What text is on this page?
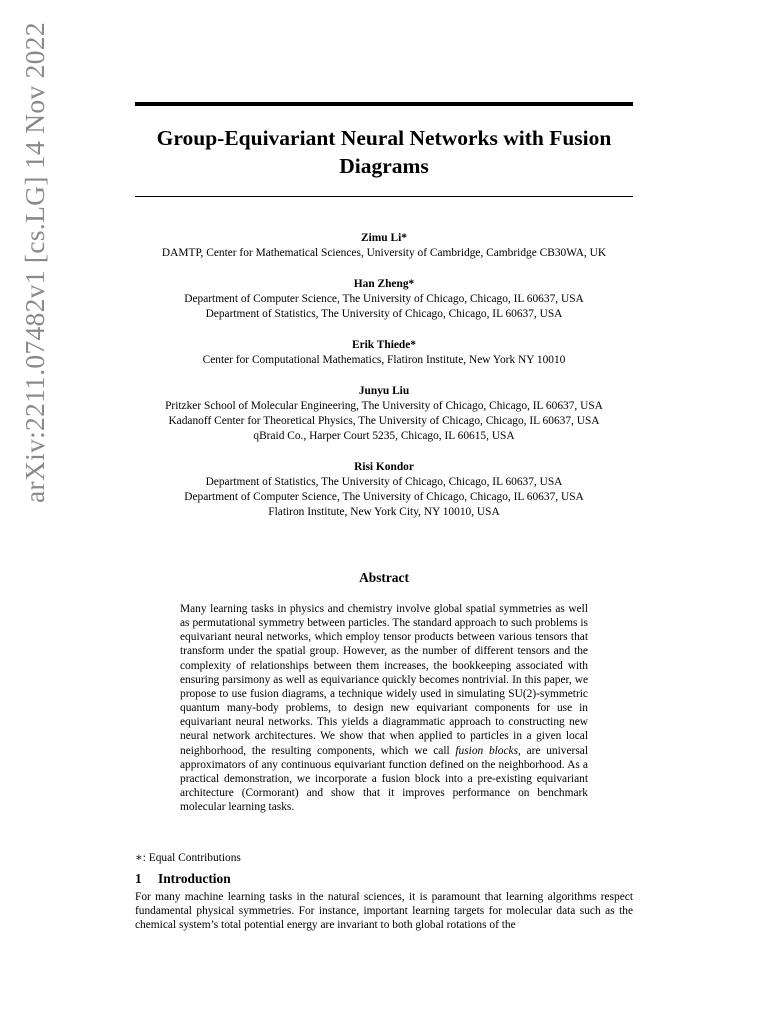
arXiv:2211.07482v1 [cs.LG] 14 Nov 2022	Group-Equivariant Neural Networks with Fusion Diagrams
Zimu Li*
DAMTP, Center for Mathematical Sciences, University of Cambridge, Cambridge CB30WA, UK
Han Zheng*
Department of Computer Science, The University of Chicago, Chicago, IL 60637, USA
Department of Statistics, The University of Chicago, Chicago, IL 60637, USA
Erik Thiede*
Center for Computational Mathematics, Flatiron Institute, New York NY 10010
Junyu Liu
Pritzker School of Molecular Engineering, The University of Chicago, Chicago, IL 60637, USA
Kadanoff Center for Theoretical Physics, The University of Chicago, Chicago, IL 60637, USA
qBraid Co., Harper Court 5235, Chicago, IL 60615, USA
Risi Kondor
Department of Statistics, The University of Chicago, Chicago, IL 60637, USA
Department of Computer Science, The University of Chicago, Chicago, IL 60637, USA
Flatiron Institute, New York City, NY 10010, USA
Abstract

Many learning tasks in physics and chemistry involve global spatial symmetries as well as permutational symmetry between particles. The standard approach to such problems is equivariant neural networks, which employ tensor products between various tensors that transform under the spatial group. However, as the number of different tensors and the complexity of relationships between them increases, the bookkeeping associated with ensuring parsimony as well as equivariance quickly becomes nontrivial. In this paper, we propose to use fusion diagrams, a technique widely used in simulating SU(2)-symmetric quantum many-body problems, to design new equivariant components for use in equivariant neural networks. This yields a diagrammatic approach to constructing new neural network architectures. We show that when applied to particles in a given local neighborhood, the resulting components, which we call fusion blocks, are universal approximators of any continuous equivariant function defined on the neighborhood. As a practical demonstration, we incorporate a fusion block into a pre-existing equivariant architecture (Cormorant) and show that it improves performance on benchmark molecular learning tasks.

∗: Equal Contributions

1 Introduction

For many machine learning tasks in the natural sciences, it is paramount that learning algorithms respect fundamental physical symmetries. For instance, important learning targets for molecular data such as the chemical system’s total potential energy are invariant to both global rotations of the
